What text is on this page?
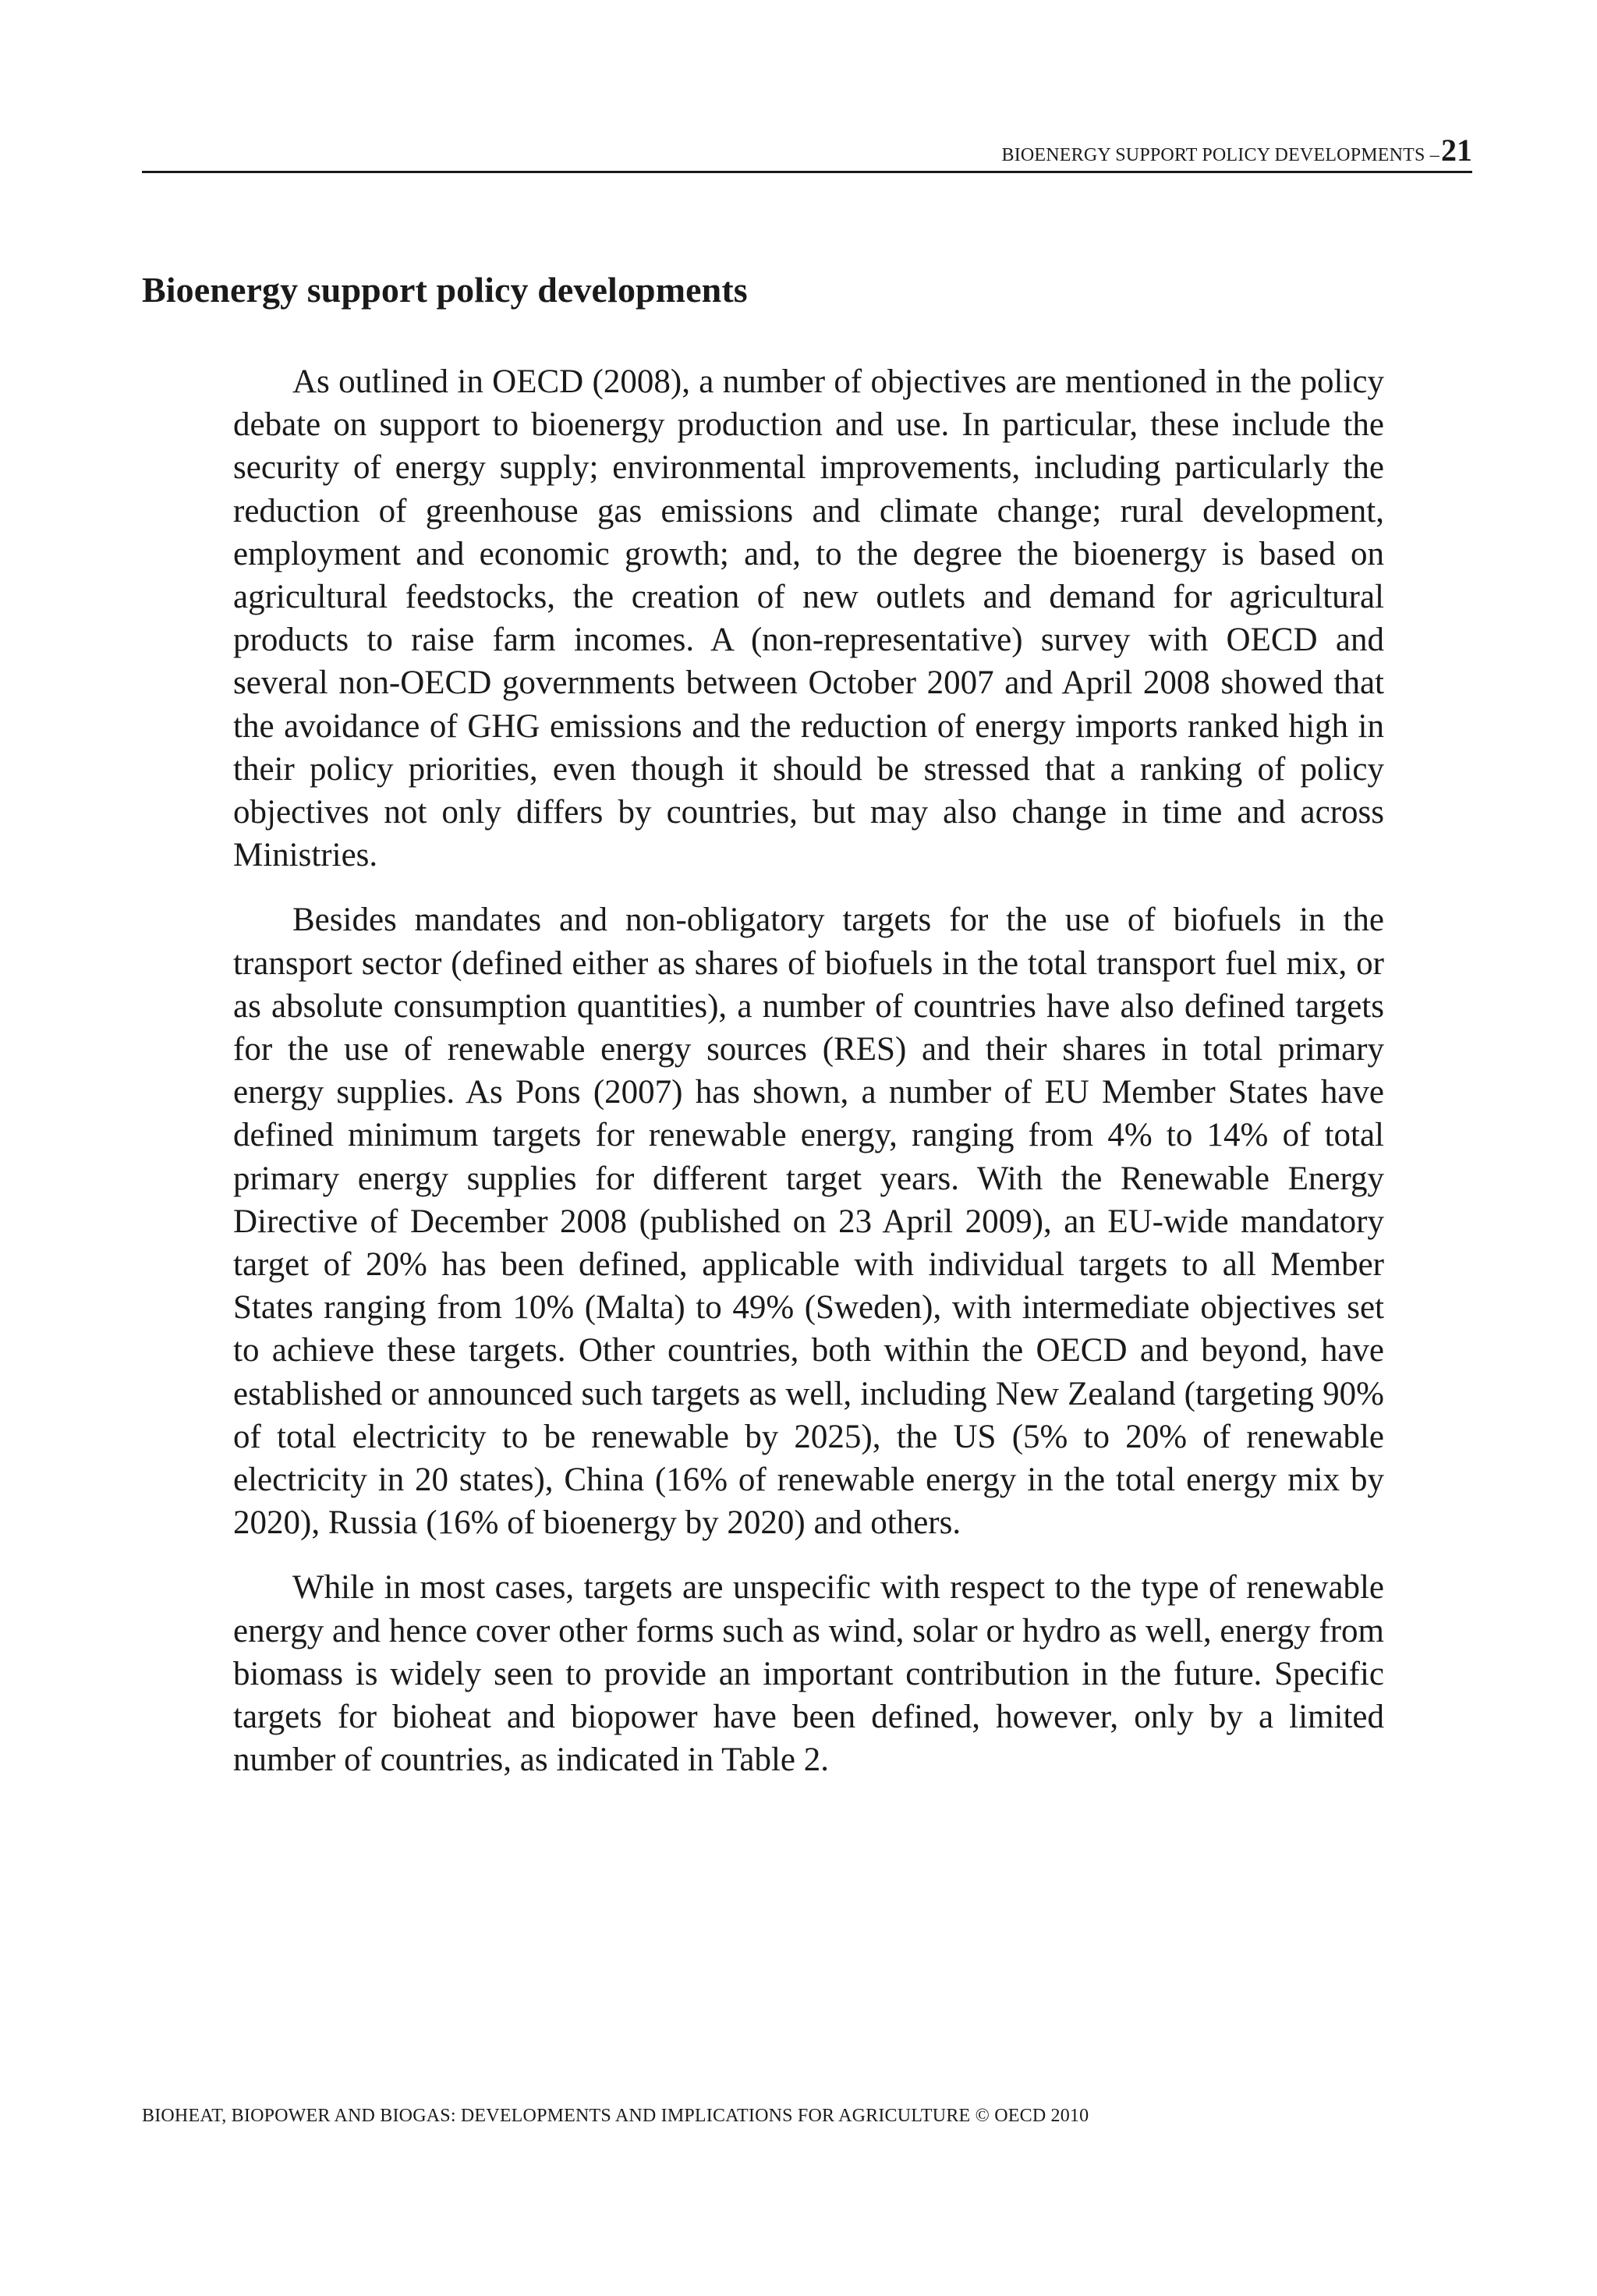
BIOENERGY SUPPORT POLICY DEVELOPMENTS – 21
Bioenergy support policy developments

As outlined in OECD (2008), a number of objectives are mentioned in the policy debate on support to bioenergy production and use. In particular, these include the security of energy supply; environmental improvements, including particularly the reduction of greenhouse gas emissions and climate change; rural development, employment and economic growth; and, to the degree the bioenergy is based on agricultural feedstocks, the creation of new outlets and demand for agricultural products to raise farm incomes. A (non-representative) survey with OECD and several non-OECD governments between October 2007 and April 2008 showed that the avoidance of GHG emissions and the reduction of energy imports ranked high in their policy priorities, even though it should be stressed that a ranking of policy objectives not only differs by countries, but may also change in time and across Ministries.

Besides mandates and non-obligatory targets for the use of biofuels in the transport sector (defined either as shares of biofuels in the total transport fuel mix, or as absolute consumption quantities), a number of countries have also defined targets for the use of renewable energy sources (RES) and their shares in total primary energy supplies. As Pons (2007) has shown, a number of EU Member States have defined minimum targets for renewable energy, ranging from 4% to 14% of total primary energy supplies for different target years. With the Renewable Energy Directive of December 2008 (published on 23 April 2009), an EU-wide mandatory target of 20% has been defined, applicable with individual targets to all Member States ranging from 10% (Malta) to 49% (Sweden), with intermediate objectives set to achieve these targets. Other countries, both within the OECD and beyond, have established or announced such targets as well, including New Zealand (targeting 90% of total electricity to be renewable by 2025), the US (5% to 20% of renewable electricity in 20 states), China (16% of renewable energy in the total energy mix by 2020), Russia (16% of bioenergy by 2020) and others.

While in most cases, targets are unspecific with respect to the type of renewable energy and hence cover other forms such as wind, solar or hydro as well, energy from biomass is widely seen to provide an important contribution in the future. Specific targets for bioheat and biopower have been defined, however, only by a limited number of countries, as indicated in Table 2.

BIOHEAT, BIOPOWER AND BIOGAS: DEVELOPMENTS AND IMPLICATIONS FOR AGRICULTURE © OECD 2010
